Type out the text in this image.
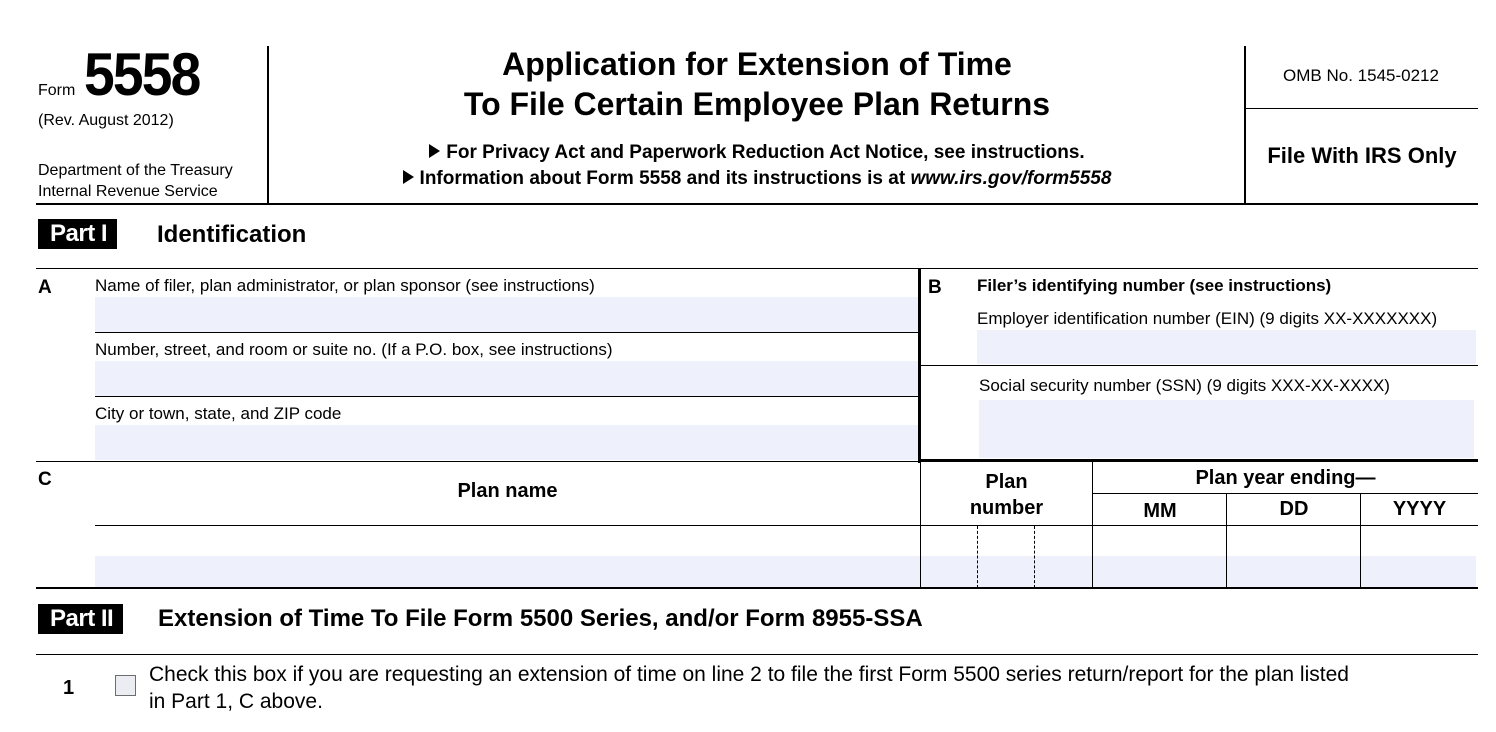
Form 5558
(Rev. August 2012)
Department of the Treasury
Internal Revenue Service
Application for Extension of Time
To File Certain Employee Plan Returns
For Privacy Act and Paperwork Reduction Act Notice, see instructions.
Information about Form 5558 and its instructions is at www.irs.gov/form5558
OMB No. 1545-0212
File With IRS Only
Part I	Identification
A	Name of filer, plan administrator, or plan sponsor (see instructions)
Number, street, and room or suite no. (If a P.O. box, see instructions)
City or town, state, and ZIP code
B Filer’s identifying number (see instructions)
Employer identification number (EIN) (9 digits XX-XXXXXXX)
Social security number (SSN) (9 digits XXX-XX-XXXX)
C
Plan name	Plan
number
Plan year ending—
MM	DD	YYYY
Part II	Extension of Time To File Form 5500 Series, and/or Form 8955-SSA
1
Check this box if you are requesting an extension of time on line 2 to file the first Form 5500 series return/report for the plan listed
in Part 1, C above.
